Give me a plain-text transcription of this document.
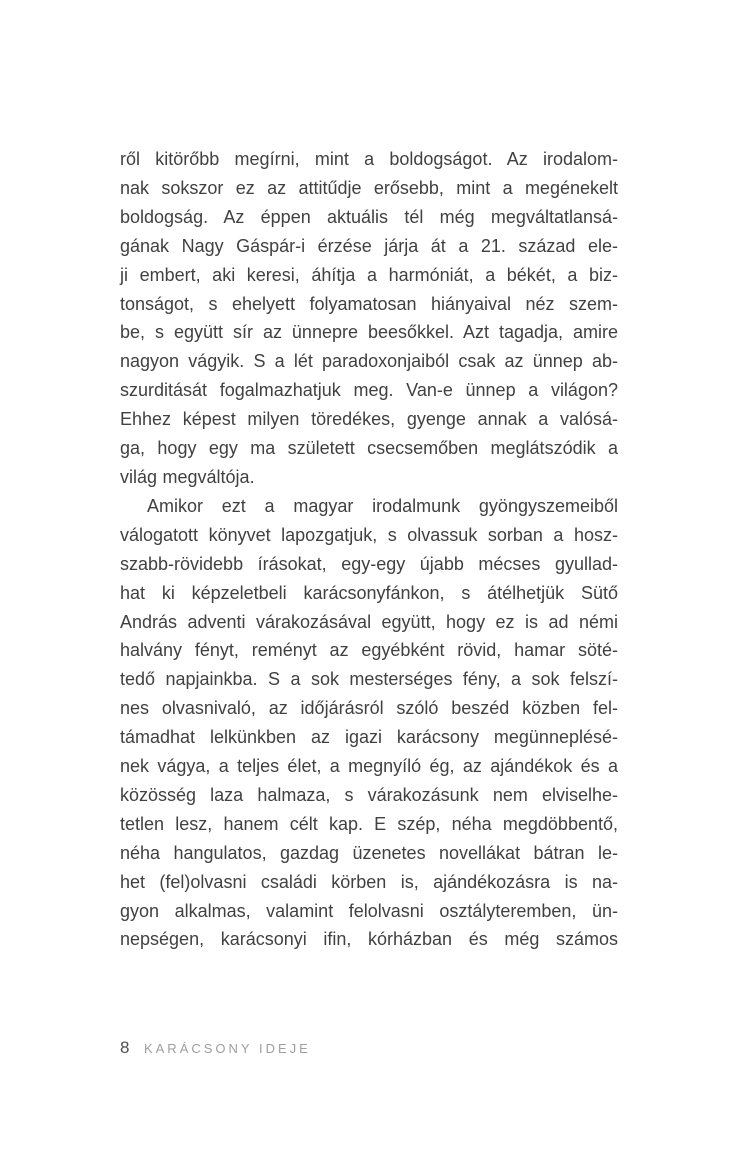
ről kitörőbb megírni, mint a boldogságot. Az irodalom-
nak sokszor ez az attitűdje erősebb, mint a megénekelt
boldogság. Az éppen aktuális tél még megváltatlansá-
gának Nagy Gáspár-i érzése járja át a 21. század ele-
ji embert, aki keresi, áhítja a harmóniát, a békét, a biz-
tonságot, s ehelyett folyamatosan hiányaival néz szem-
be, s együtt sír az ünnepre beesőkkel. Azt tagadja, amire
nagyon vágyik. S a lét paradoxonjaiból csak az ünnep ab-
szurditását fogalmazhatjuk meg. Van-e ünnep a világon?
Ehhez képest milyen töredékes, gyenge annak a valósá-
ga, hogy egy ma született csecsemőben meglátszódik a
világ megváltója.
Amikor ezt a magyar irodalmunk gyöngyszemeiből
válogatott könyvet lapozgatjuk, s olvassuk sorban a hosz-
szabb-rövidebb írásokat, egy-egy újabb mécses gyullad-
hat ki képzeletbeli karácsonyfánkon, s átélhetjük Sütő
András adventi várakozásával együtt, hogy ez is ad némi
halvány fényt, reményt az egyébként rövid, hamar söté-
tedő napjainkba. S a sok mesterséges fény, a sok felszí-
nes olvasnivaló, az időjárásról szóló beszéd közben fel-
támadhat lelkünkben az igazi karácsony megünneplésé-
nek vágya, a teljes élet, a megnyíló ég, az ajándékok és a
közösség laza halmaza, s várakozásunk nem elviselhe-
tetlen lesz, hanem célt kap. E szép, néha megdöbbentő,
néha hangulatos, gazdag üzenetes novellákat bátran le-
het (fel)olvasni családi körben is, ajándékozásra is na-
gyon alkalmas, valamint felolvasni osztályteremben, ün-
nepségen, karácsonyi ifin, kórházban és még számos
8 KARÁCSONY IDEJE
